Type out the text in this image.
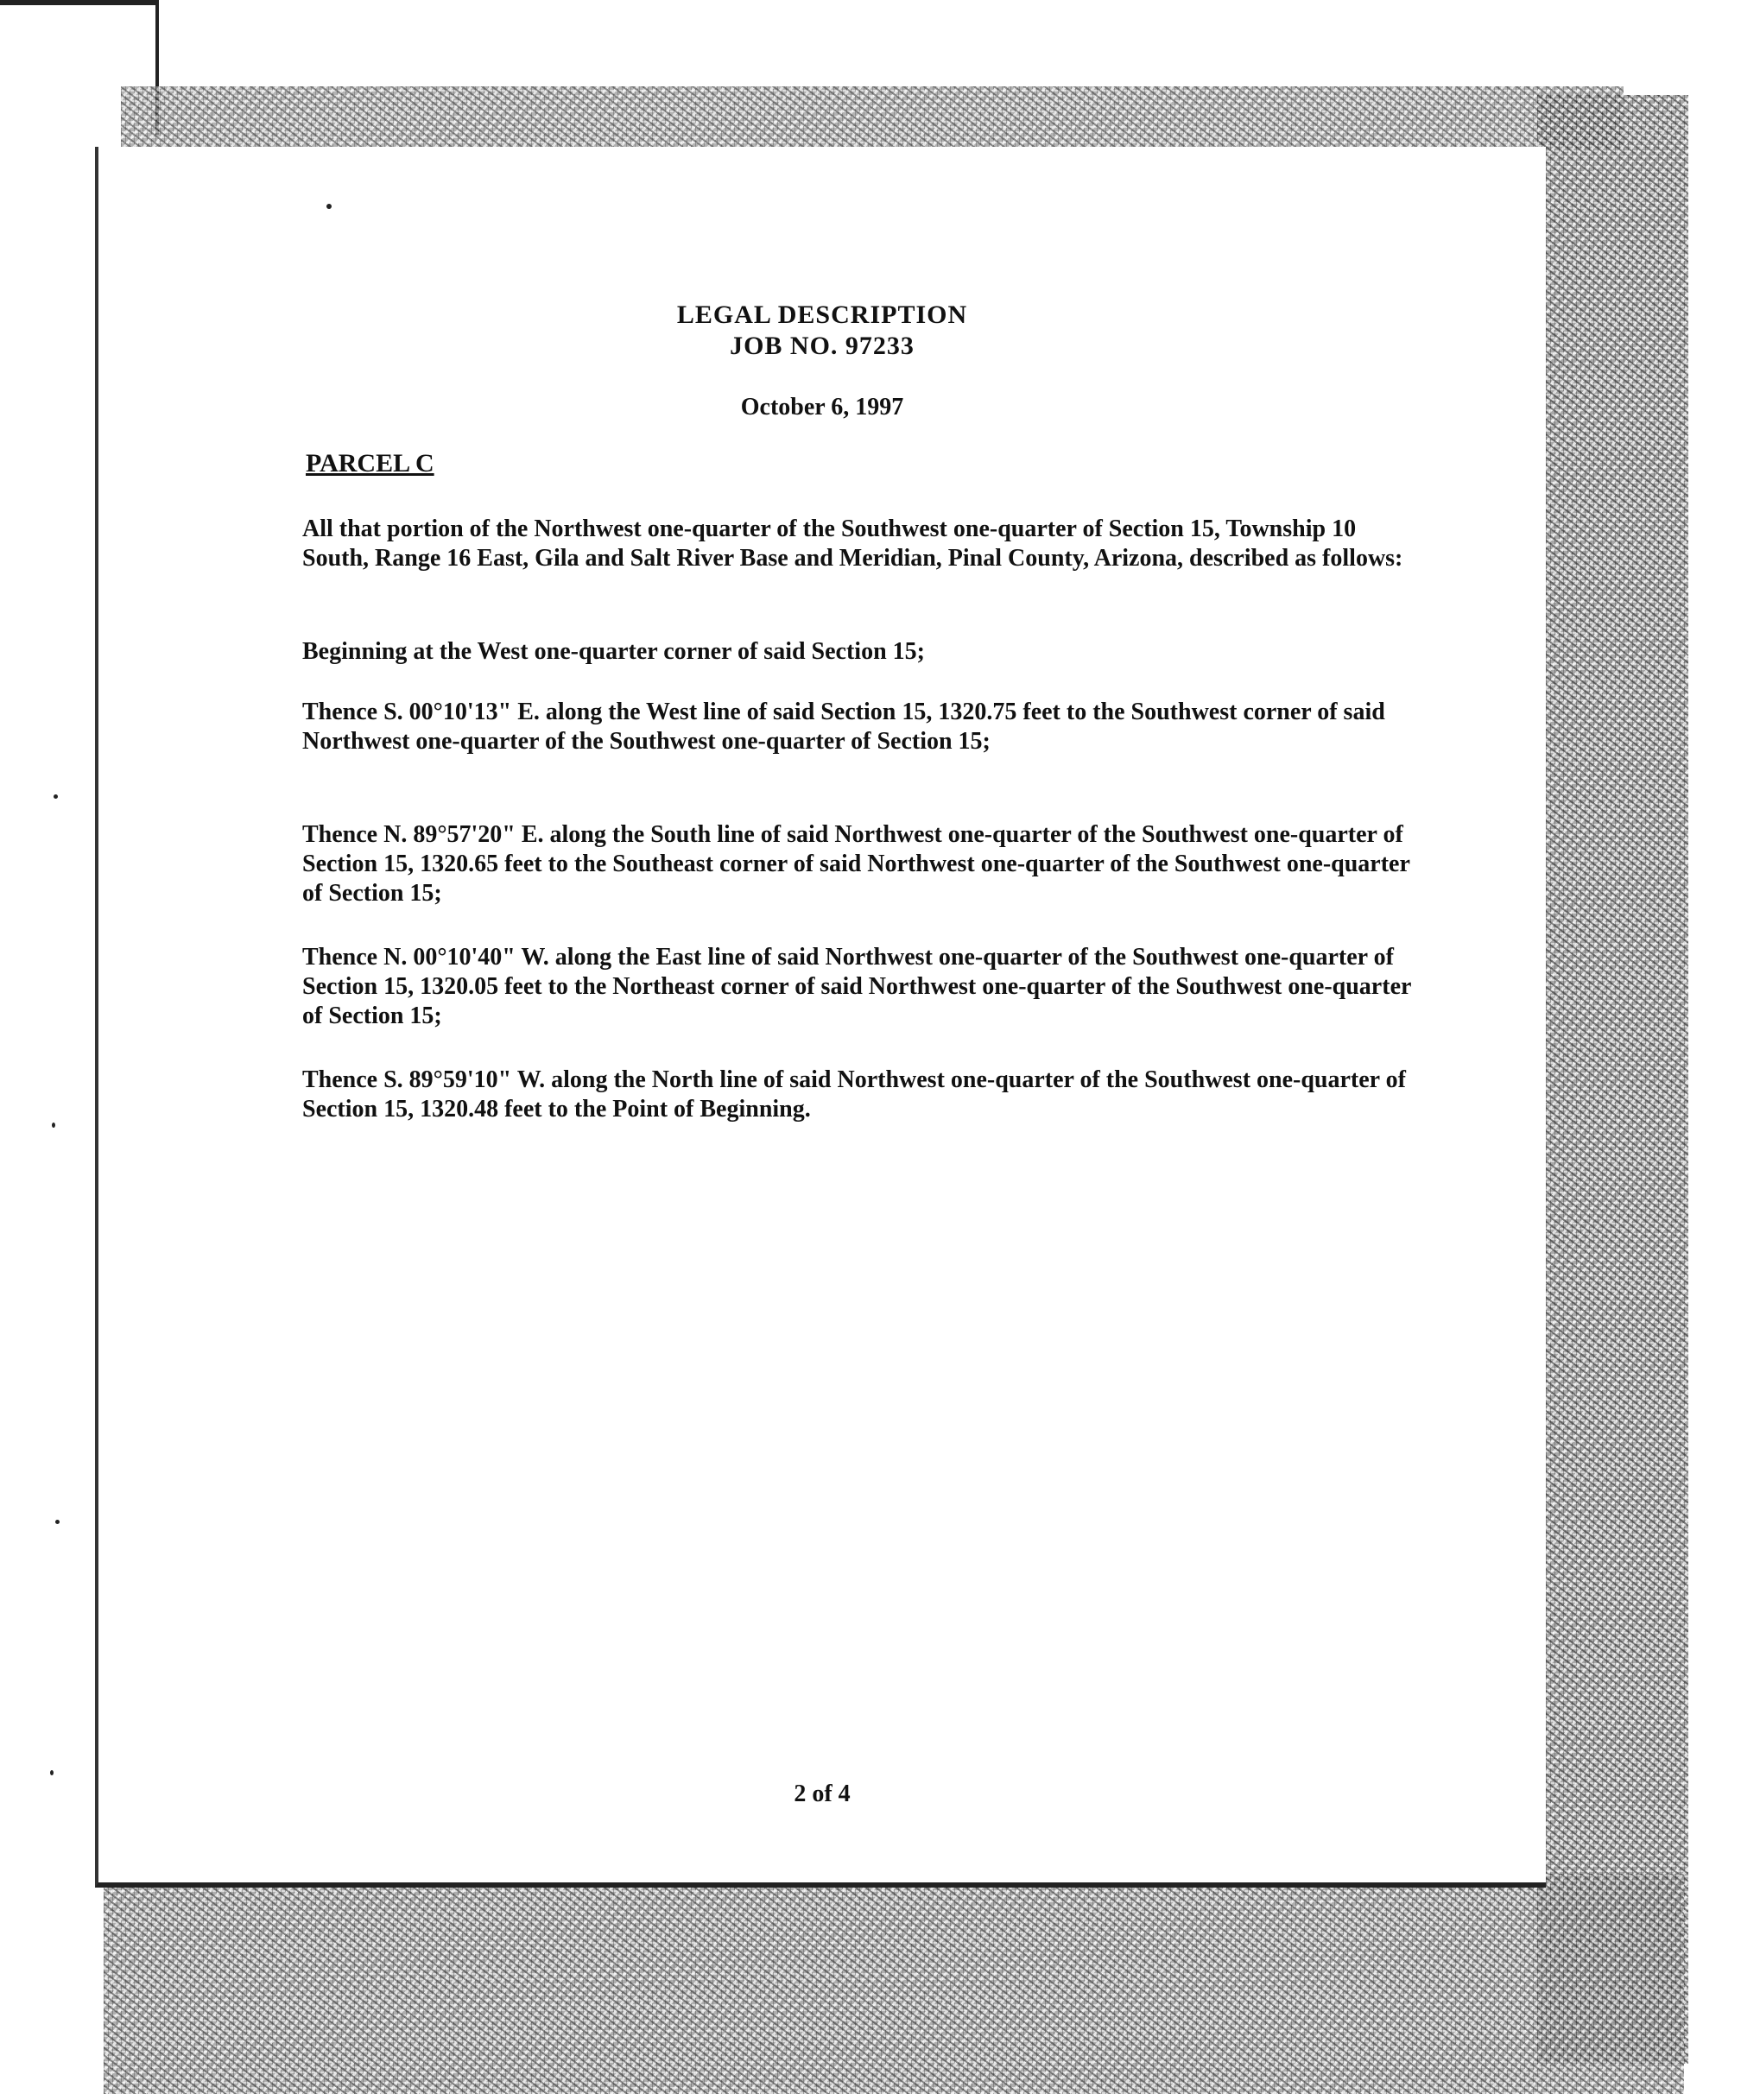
LEGAL DESCRIPTION
JOB NO. 97233
October 6, 1997
PARCEL C

All that portion of the Northwest one-quarter of the Southwest one-quarter of Section 15, Township 10 South, Range 16 East, Gila and Salt River Base and Meridian, Pinal County, Arizona, described as follows:

Beginning at the West one-quarter corner of said Section 15;

Thence S. 00°10'13" E. along the West line of said Section 15, 1320.75 feet to the Southwest corner of said Northwest one-quarter of the Southwest one-quarter of Section 15;

Thence N. 89°57'20" E. along the South line of said Northwest one-quarter of the Southwest one-quarter of Section 15, 1320.65 feet to the Southeast corner of said Northwest one-quarter of the Southwest one-quarter of Section 15;

Thence N. 00°10'40" W. along the East line of said Northwest one-quarter of the Southwest one-quarter of Section 15, 1320.05 feet to the Northeast corner of said Northwest one-quarter of the Southwest one-quarter of Section 15;

Thence S. 89°59'10" W. along the North line of said Northwest one-quarter of the Southwest one-quarter of Section 15, 1320.48 feet to the Point of Beginning.

2 of 4
